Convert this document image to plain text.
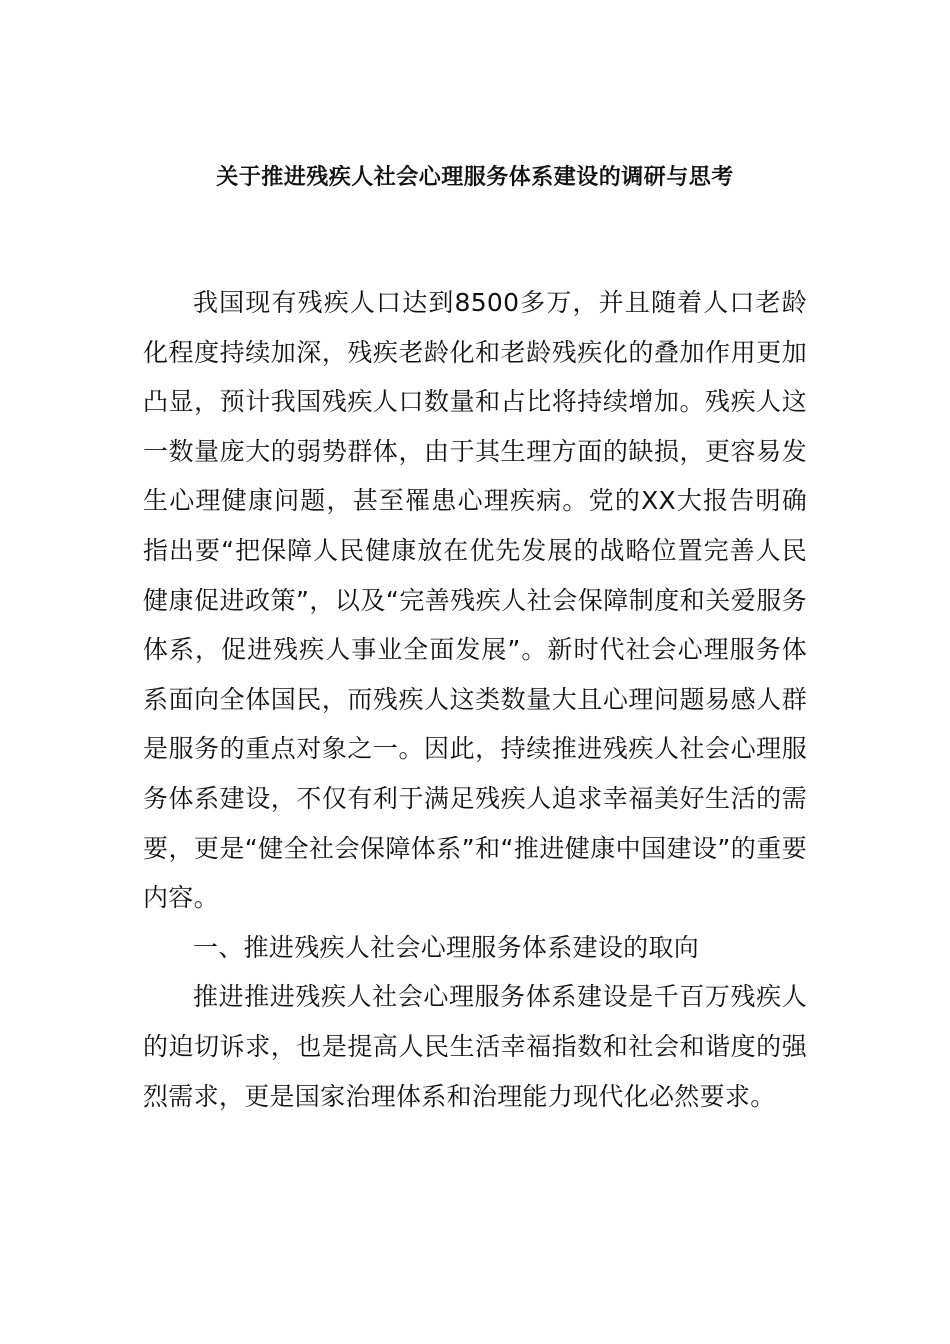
关于推进残疾人社会心理服务体系建设的调研与思考

我国现有残疾人口达到8500多万，并且随着人口老龄化程度持续加深，残疾老龄化和老龄残疾化的叠加作用更加凸显，预计我国残疾人口数量和占比将持续增加。残疾人这一数量庞大的弱势群体，由于其生理方面的缺损，更容易发生心理健康问题，甚至罹患心理疾病。党的XX大报告明确指出要“把保障人民健康放在优先发展的战略位置完善人民健康促进政策”，以及“完善残疾人社会保障制度和关爱服务体系，促进残疾人事业全面发展”。新时代社会心理服务体系面向全体国民，而残疾人这类数量大且心理问题易感人群是服务的重点对象之一。因此，持续推进残疾人社会心理服务体系建设，不仅有利于满足残疾人追求幸福美好生活的需要，更是“健全社会保障体系”和“推进健康中国建设”的重要内容。

一、推进残疾人社会心理服务体系建设的取向

推进推进残疾人社会心理服务体系建设是千百万残疾人的迫切诉求，也是提高人民生活幸福指数和社会和谐度的强烈需求，更是国家治理体系和治理能力现代化必然要求。
